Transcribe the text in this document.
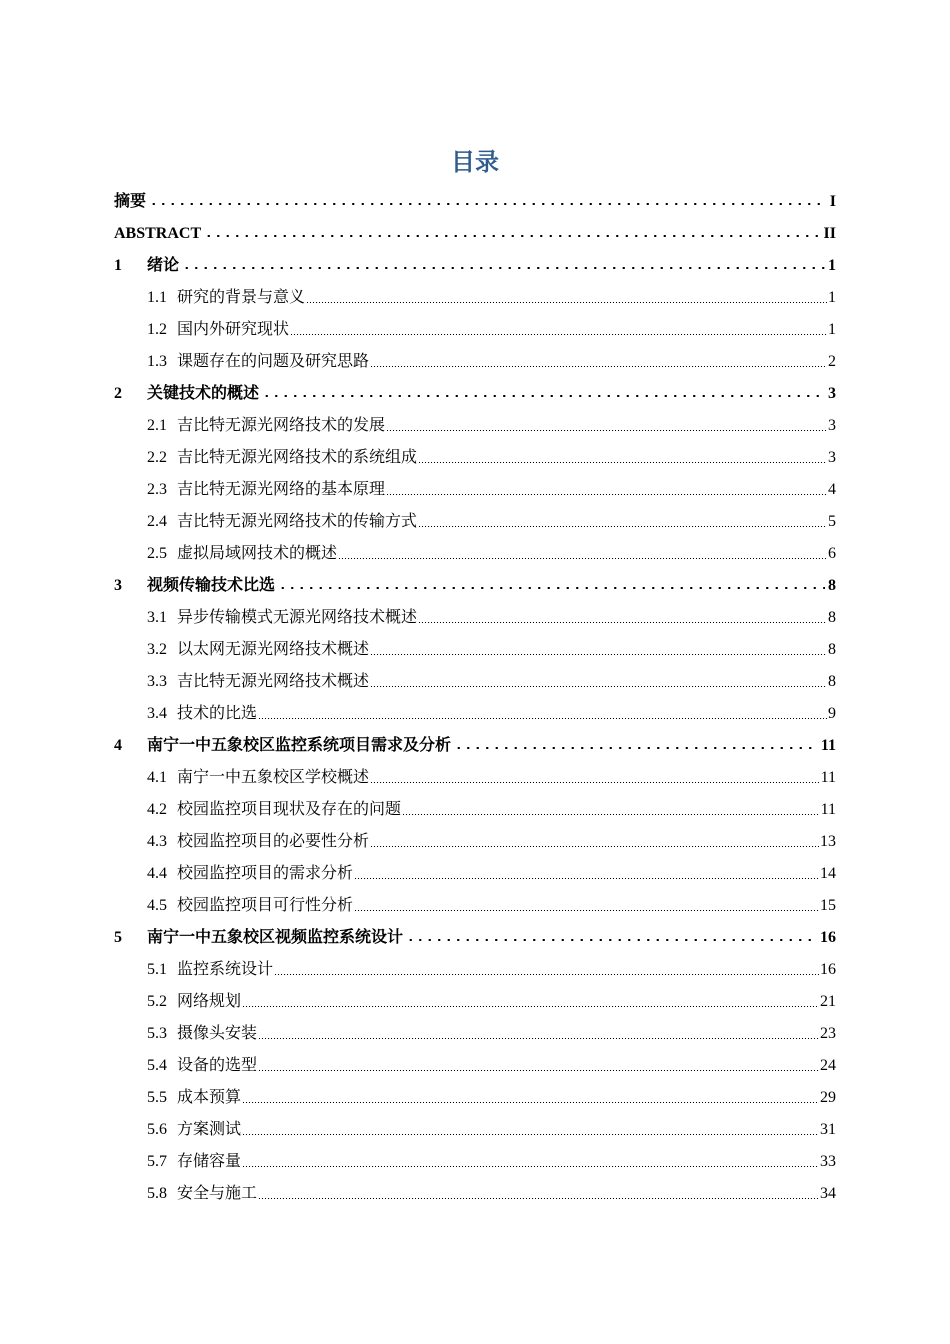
目录
摘要	I
ABSTRACT	II
1	绪论	1
1.1 研究的背景与意义	1
1.2 国内外研究现状	1
1.3 课题存在的问题及研究思路	2
2	关键技术的概述	3
2.1 吉比特无源光网络技术的发展	3
2.2 吉比特无源光网络技术的系统组成	3
2.3 吉比特无源光网络的基本原理	4
2.4 吉比特无源光网络技术的传输方式	5
2.5 虚拟局域网技术的概述	6
3	视频传输技术比选	8
3.1 异步传输模式无源光网络技术概述	8
3.2 以太网无源光网络技术概述	8
3.3 吉比特无源光网络技术概述	8
3.4 技术的比选	9
4	南宁一中五象校区监控系统项目需求及分析	11
4.1 南宁一中五象校区学校概述	11
4.2 校园监控项目现状及存在的问题	11
4.3 校园监控项目的必要性分析	13
4.4 校园监控项目的需求分析	14
4.5 校园监控项目可行性分析	15
5	南宁一中五象校区视频监控系统设计	16
5.1 监控系统设计	16
5.2 网络规划	21
5.3 摄像头安装	23
5.4 设备的选型	24
5.5 成本预算	29
5.6 方案测试	31
5.7 存储容量	33
5.8 安全与施工	34
